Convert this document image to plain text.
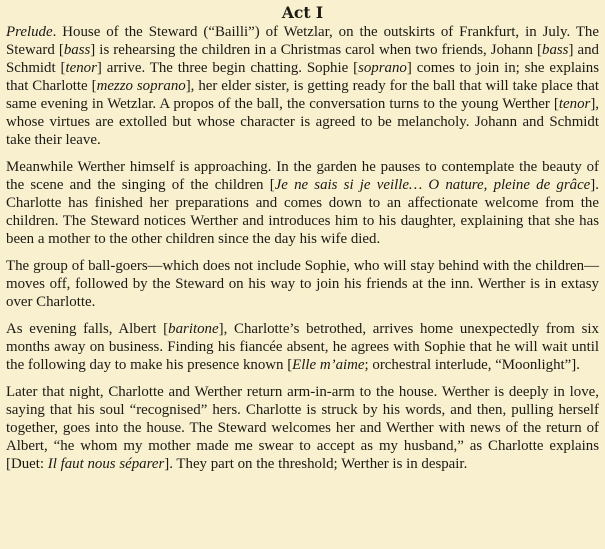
Act I

Prelude. House of the Steward (“Bailli”) of Wetzlar, on the outskirts of Frankfurt, in July. The Steward [bass] is rehearsing the children in a Christmas carol when two friends, Johann [bass] and Schmidt [tenor] arrive. The three begin chatting. Sophie [soprano] comes to join in; she explains that Charlotte [mezzo soprano], her elder sister, is getting ready for the ball that will take place that same evening in Wetzlar. A propos of the ball, the conversation turns to the young Werther [tenor], whose virtues are extolled but whose character is agreed to be melancholy. Johann and Schmidt take their leave.

Meanwhile Werther himself is approaching. In the garden he pauses to contemplate the beauty of the scene and the singing of the children [Je ne sais si je veille… O nature, pleine de grâce]. Charlotte has finished her preparations and comes down to an affectionate welcome from the children. The Steward notices Werther and introduces him to his daughter, explaining that she has been a mother to the other children since the day his wife died.

The group of ball-goers—which does not include Sophie, who will stay behind with the children—moves off, followed by the Steward on his way to join his friends at the inn. Werther is in extasy over Charlotte.

As evening falls, Albert [baritone], Charlotte’s betrothed, arrives home unexpectedly from six months away on business. Finding his fiancée absent, he agrees with Sophie that he will wait until the following day to make his presence known [Elle m’aime; orchestral interlude, “Moonlight”].

Later that night, Charlotte and Werther return arm-in-arm to the house. Werther is deeply in love, saying that his soul “recognised” hers. Charlotte is struck by his words, and then, pulling herself together, goes into the house. The Steward welcomes her and Werther with news of the return of Albert, “he whom my mother made me swear to accept as my husband,” as Charlotte explains [Duet: Il faut nous séparer]. They part on the threshold; Werther is in despair.
